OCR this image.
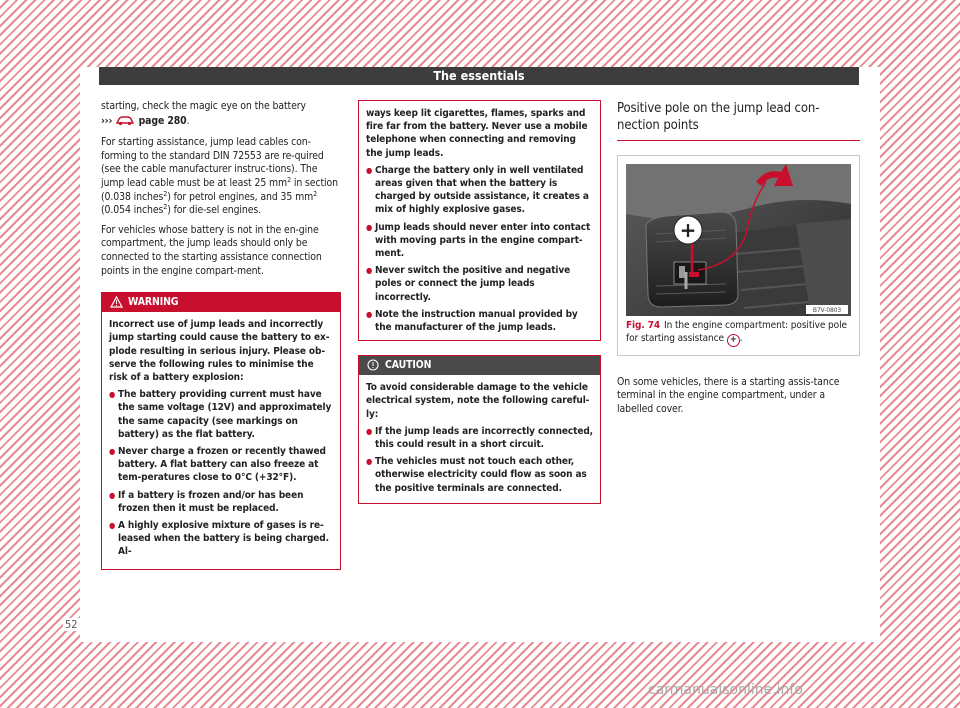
The essentials

starting, check the magic eye on the battery
›››	page 280.

For starting assistance, jump lead cables con-forming to the standard DIN 72553 are re-quired (see the cable manufacturer instruc-tions). The jump lead cable must be at least 25 $mm^2$ in section (0.038 inches$^2$) for petrol engines, and 35 $mm^2$ (0.054 inches$^2$) for die-sel engines.

For vehicles whose battery is not in the en-gine compartment, the jump leads should only be connected to the starting assistance connection points in the engine compart-ment.

WARNING

Incorrect use of jump leads and incorrectly jump starting could cause the battery to ex-plode resulting in serious injury. Please ob-serve the following rules to minimise the risk of a battery explosion:

● The battery providing current must have the same voltage (12V) and approximately the same capacity (see markings on battery) as the flat battery.

● Never charge a frozen or recently thawed battery. A flat battery can also freeze at tem-peratures close to 0°C (+32°F).

● If a battery is frozen and/or has been frozen then it must be replaced.

● A highly explosive mixture of gases is re-leased when the battery is being charged. Al-

ways keep lit cigarettes, flames, sparks and fire far from the battery. Never use a mobile telephone when connecting and removing the jump leads.

● Charge the battery only in well ventilated areas given that when the battery is charged by outside assistance, it creates a mix of highly explosive gases.

● Jump leads should never enter into contact with moving parts in the engine compart-ment.

● Never switch the positive and negative poles or connect the jump leads incorrectly.

● Note the instruction manual provided by the manufacturer of the jump leads.

CAUTION

To avoid considerable damage to the vehicle electrical system, note the following careful-ly:

● If the jump leads are incorrectly connected, this could result in a short circuit.

● The vehicles must not touch each other, otherwise electricity could flow as soon as the positive terminals are connected.

Positive pole on the jump lead con-nection points
+
B7V-0803
Fig. 74 In the engine compartment: positive pole for starting assistance + .

On some vehicles, there is a starting assis-tance terminal in the engine compartment, under a labelled cover.

52
carmanualsonline.info
